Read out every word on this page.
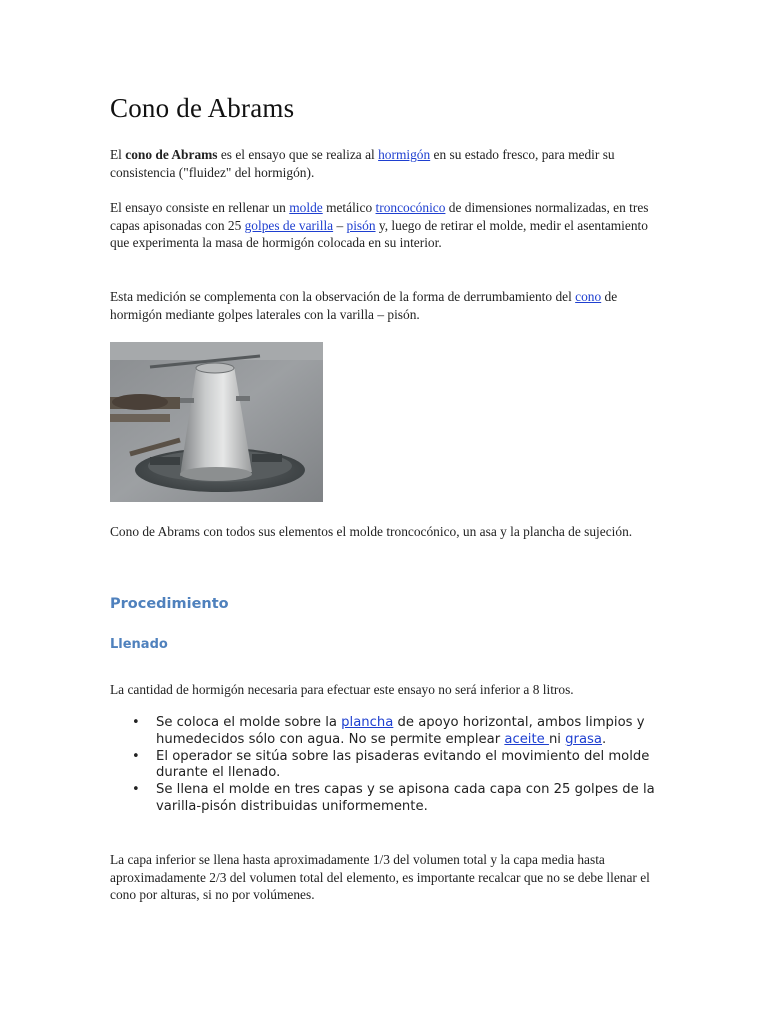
Cono de Abrams

El cono de Abrams es el ensayo que se realiza al hormigón en su estado fresco, para medir su consistencia ("fluidez" del hormigón).

El ensayo consiste en rellenar un molde metálico troncocónico de dimensiones normalizadas, en tres capas apisonadas con 25 golpes de varilla – pisón y, luego de retirar el molde, medir el asentamiento que experimenta la masa de hormigón colocada en su interior.

Esta medición se complementa con la observación de la forma de derrumbamiento del cono de hormigón mediante golpes laterales con la varilla – pisón.

Cono de Abrams con todos sus elementos el molde troncocónico, un asa y la plancha de sujeción.

Procedimiento
Llenado

La cantidad de hormigón necesaria para efectuar este ensayo no será inferior a 8 litros.

• Se coloca el molde sobre la plancha de apoyo horizontal, ambos limpios y humedecidos sólo con agua. No se permite emplear aceite ni grasa.
• El operador se sitúa sobre las pisaderas evitando el movimiento del molde durante el llenado.
• Se llena el molde en tres capas y se apisona cada capa con 25 golpes de la varilla-pisón distribuidas uniformemente.

La capa inferior se llena hasta aproximadamente 1/3 del volumen total y la capa media hasta aproximadamente 2/3 del volumen total del elemento, es importante recalcar que no se debe llenar el cono por alturas, si no por volúmenes.
